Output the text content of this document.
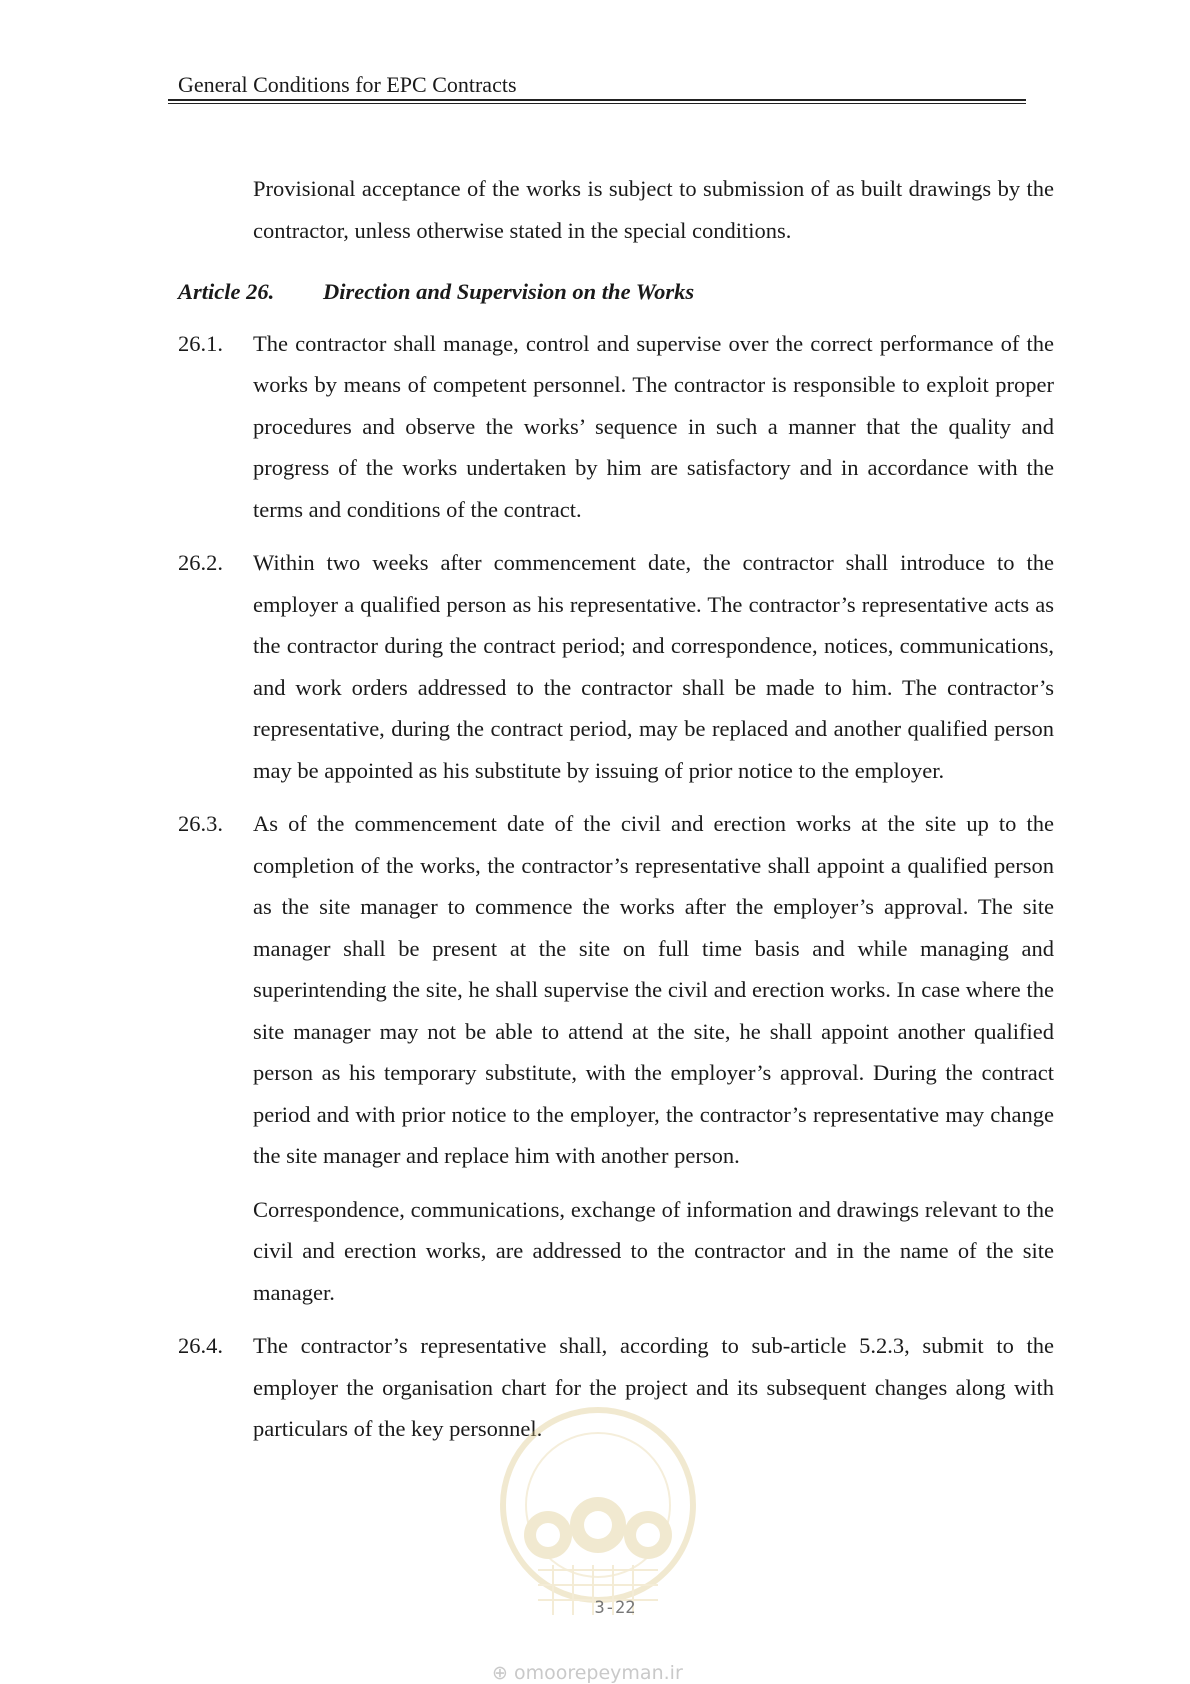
General Conditions for EPC Contracts

Provisional acceptance of the works is subject to submission of as built drawings by the contractor, unless otherwise stated in the special conditions.

Article 26.	Direction and Supervision on the Works
26.1.	The contractor shall manage, control and supervise over the correct performance of the works by means of competent personnel. The contractor is responsible to exploit proper procedures and observe the works’ sequence in such a manner that the quality and progress of the works undertaken by him are satisfactory and in accordance with the terms and conditions of the contract.
26.2.	Within two weeks after commencement date, the contractor shall introduce to the employer a qualified person as his representative. The contractor’s representative acts as the contractor during the contract period; and correspondence, notices, communications, and work orders addressed to the contractor shall be made to him. The contractor’s representative, during the contract period, may be replaced and another qualified person may be appointed as his substitute by issuing of prior notice to the employer.
26.3.	As of the commencement date of the civil and erection works at the site up to the completion of the works, the contractor’s representative shall appoint a qualified person as the site manager to commence the works after the employer’s approval. The site manager shall be present at the site on full time basis and while managing and superintending the site, he shall supervise the civil and erection works. In case where the site manager may not be able to attend at the site, he shall appoint another qualified person as his temporary substitute, with the employer’s approval. During the contract period and with prior notice to the employer, the contractor’s representative may change the site manager and replace him with another person.
Correspondence, communications, exchange of information and drawings relevant to the civil and erection works, are addressed to the contractor and in the name of the site manager.
26.4.	The contractor’s representative shall, according to sub-article 5.2.3, submit to the employer the organisation chart for the project and its subsequent changes along with particulars of the key personnel.
3-22
⊕ omoorepeyman.ir
